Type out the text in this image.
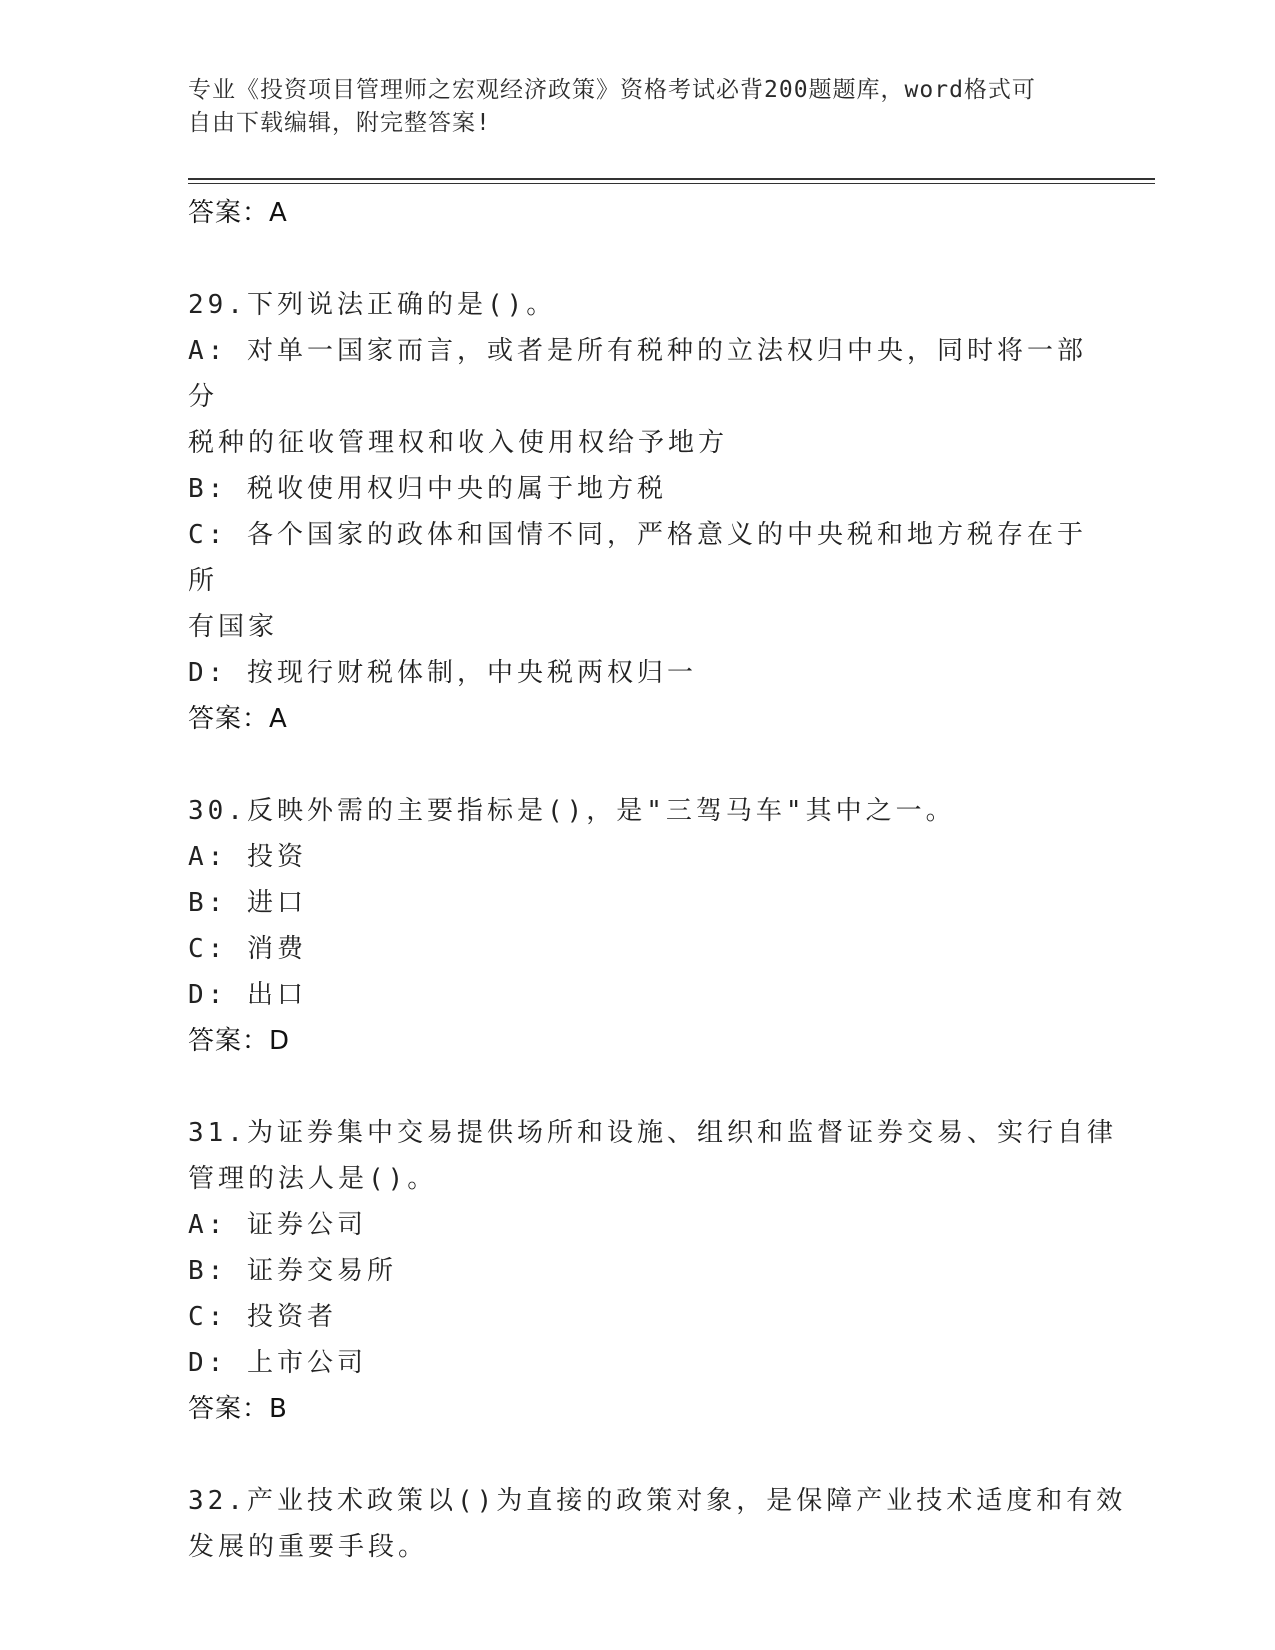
专业《投资项目管理师之宏观经济政策》资格考试必背200题题库，word格式可
自由下载编辑，附完整答案!
答案：A
29.下列说法正确的是()。
A: 对单一国家而言，或者是所有税种的立法权归中央，同时将一部分
税种的征收管理权和收入使用权给予地方
B: 税收使用权归中央的属于地方税
C: 各个国家的政体和国情不同，严格意义的中央税和地方税存在于所
有国家
D: 按现行财税体制，中央税两权归一
答案：A
30.反映外需的主要指标是()，是"三驾马车"其中之一。
A: 投资
B: 进口
C: 消费
D: 出口
答案：D
31.为证券集中交易提供场所和设施、组织和监督证券交易、实行自律
管理的法人是()。
A: 证券公司
B: 证券交易所
C: 投资者
D: 上市公司
答案：B
32.产业技术政策以()为直接的政策对象，是保障产业技术适度和有效
发展的重要手段。
